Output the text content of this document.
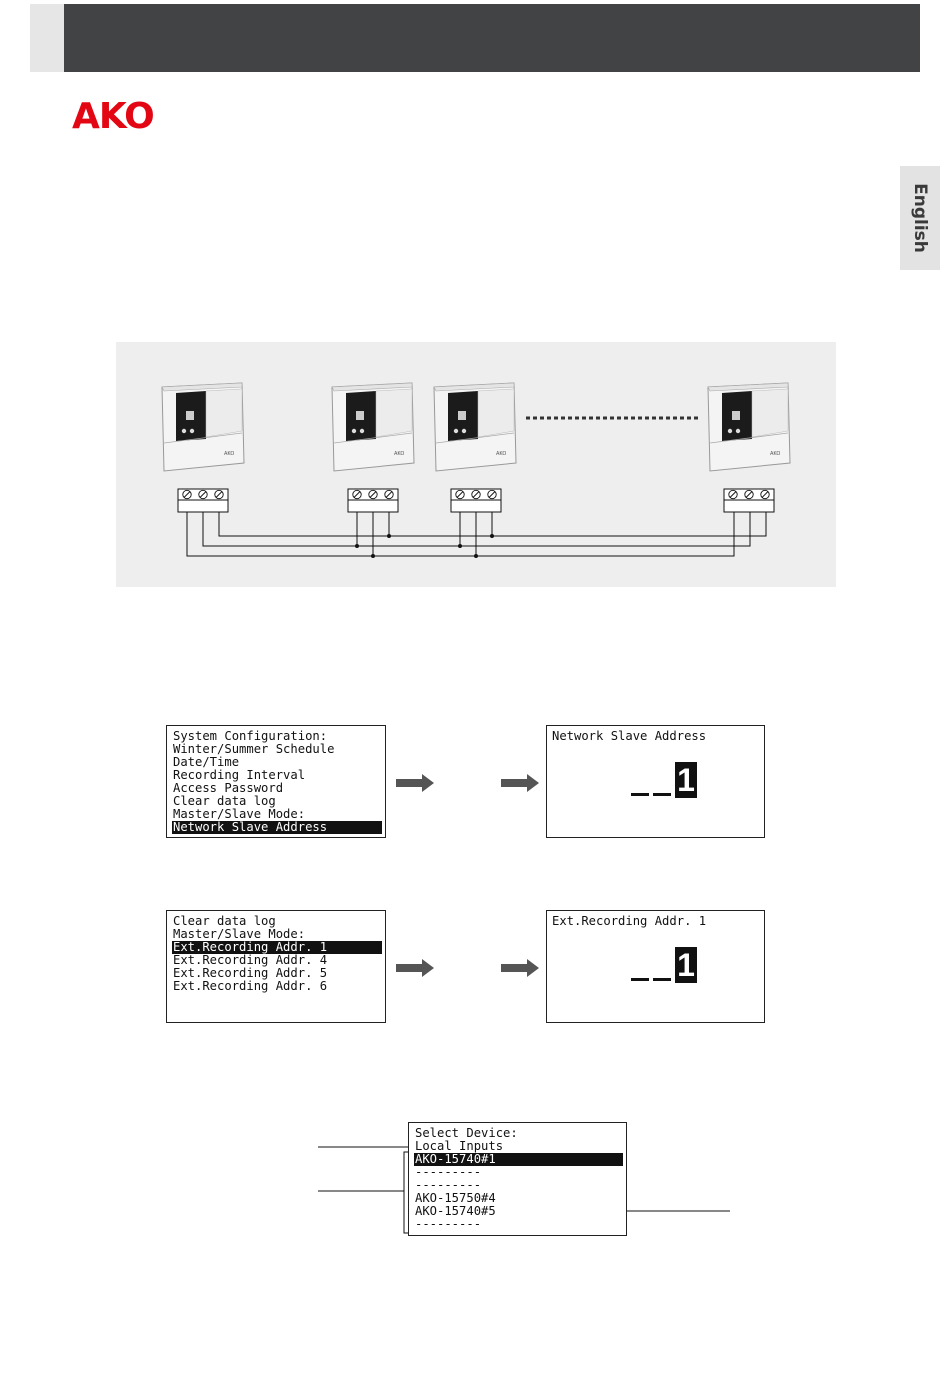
AKO
English
System Configuration:
Winter/Summer Schedule
Date/Time
Recording Interval
Access Password
Clear data log
Master/Slave Mode:
Network Slave Address
Network Slave Address
1
Clear data log
Master/Slave Mode:
Ext.Recording Addr. 1
Ext.Recording Addr. 4
Ext.Recording Addr. 5
Ext.Recording Addr. 6
Ext.Recording Addr. 1
1
Select Device:
Local Inputs
AKO-15740#1
---------
---------
AKO-15750#4
AKO-15740#5
---------
